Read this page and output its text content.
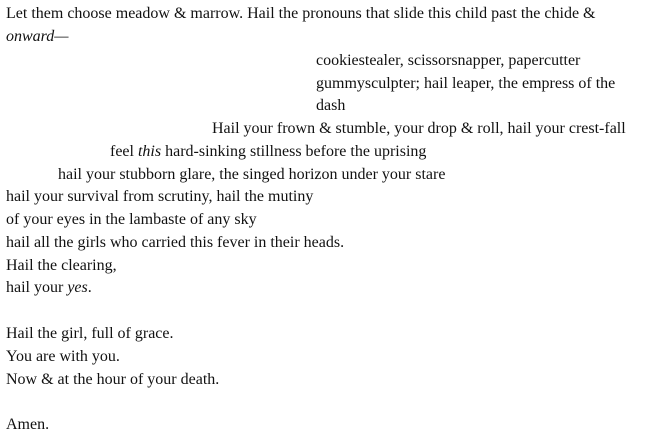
Let them choose meadow & marrow. Hail the pronouns that slide this child past the chide &
onward—
cookiestealer, scissorsnapper, papercutter
gummysculpter; hail leaper, the empress of the
dash
Hail your frown & stumble, your drop & roll, hail your crest-fall
feel this hard-sinking stillness before the uprising
hail your stubborn glare, the singed horizon under your stare
hail your survival from scrutiny, hail the mutiny
of your eyes in the lambaste of any sky
hail all the girls who carried this fever in their heads.
Hail the clearing,
hail your yes.
Hail the girl, full of grace.
You are with you.
Now & at the hour of your death.
Amen.
